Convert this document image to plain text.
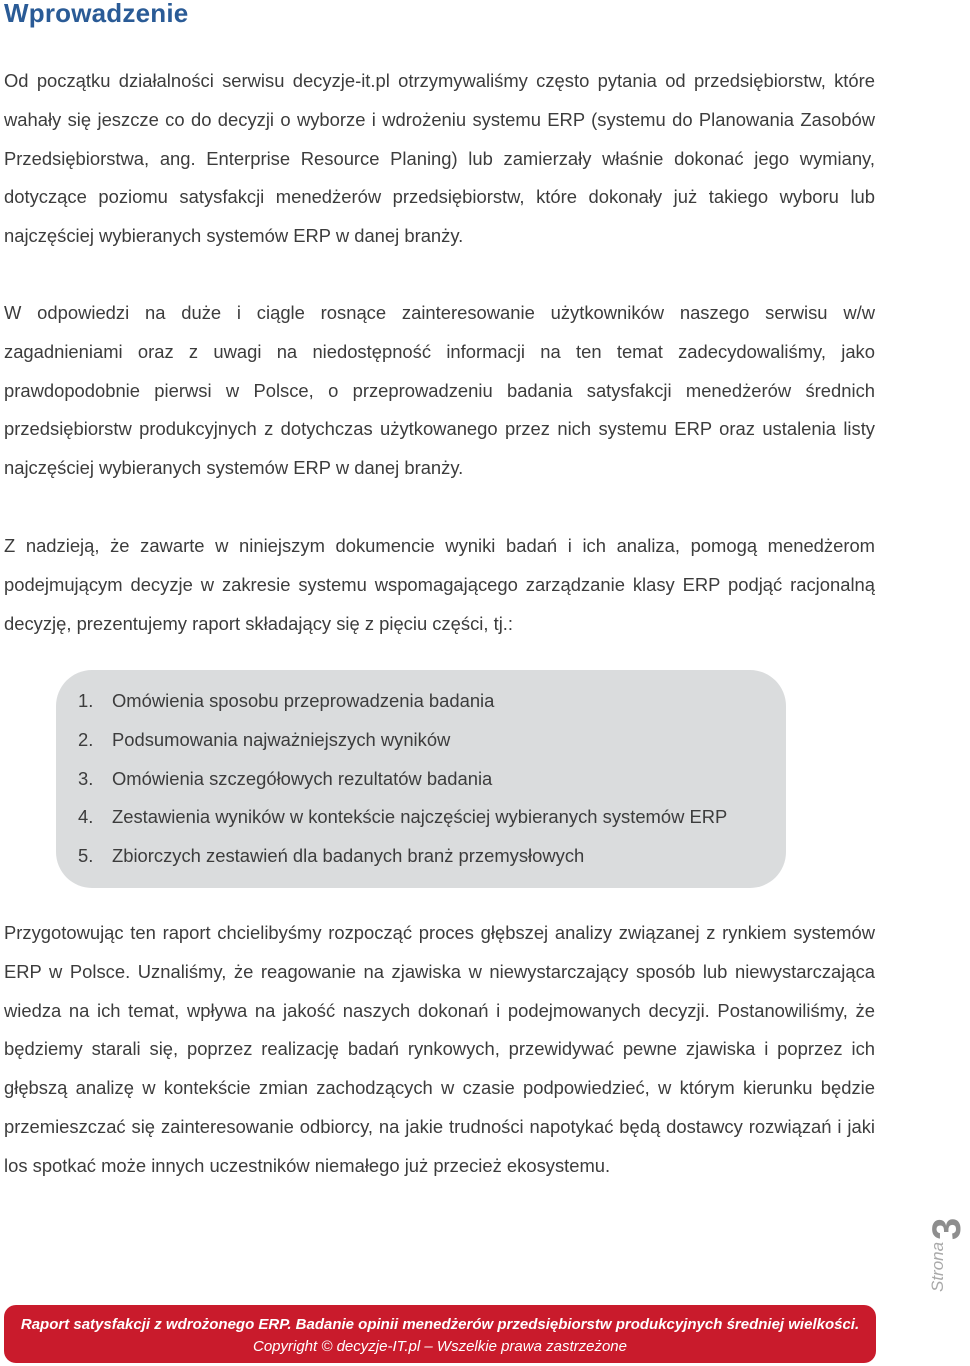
Wprowadzenie

Od początku działalności serwisu decyzje-it.pl otrzymywaliśmy często pytania od przedsiębiorstw, które wahały się jeszcze co do decyzji o wyborze i wdrożeniu systemu ERP (systemu do Planowania Zasobów Przedsiębiorstwa, ang. Enterprise Resource Planing) lub zamierzały właśnie dokonać jego wymiany, dotyczące poziomu satysfakcji menedżerów przedsiębiorstw, które dokonały już takiego wyboru lub najczęściej wybieranych systemów ERP w danej branży.

W odpowiedzi na duże i ciągle rosnące zainteresowanie użytkowników naszego serwisu w/w zagadnieniami oraz z uwagi na niedostępność informacji na ten temat zadecydowaliśmy, jako prawdopodobnie pierwsi w Polsce, o przeprowadzeniu badania satysfakcji menedżerów średnich przedsiębiorstw produkcyjnych z dotychczas użytkowanego przez nich systemu ERP oraz ustalenia listy najczęściej wybieranych systemów ERP w danej branży.

Z nadzieją, że zawarte w niniejszym dokumencie wyniki badań i ich analiza, pomogą menedżerom podejmującym decyzje w zakresie systemu wspomagającego zarządzanie klasy ERP podjąć racjonalną decyzję, prezentujemy raport składający się z pięciu części, tj.:

1. Omówienia sposobu przeprowadzenia badania
2. Podsumowania najważniejszych wyników
3. Omówienia szczegółowych rezultatów badania
4. Zestawienia wyników w kontekście najczęściej wybieranych systemów ERP
5. Zbiorczych zestawień dla badanych branż przemysłowych

Przygotowując ten raport chcielibyśmy rozpocząć proces głębszej analizy związanej z rynkiem systemów ERP w Polsce. Uznaliśmy, że reagowanie na zjawiska w niewystarczający sposób lub niewystarczająca wiedza na ich temat, wpływa na jakość naszych dokonań i podejmowanych decyzji. Postanowiliśmy, że będziemy starali się, poprzez realizację badań rynkowych, przewidywać pewne zjawiska i poprzez ich głębszą analizę w kontekście zmian zachodzących w czasie podpowiedzieć, w którym kierunku będzie przemieszczać się zainteresowanie odbiorcy, na jakie trudności napotykać będą dostawcy rozwiązań i jaki los spotkać może innych uczestników niemałego już przecież ekosystemu.

3
Strona
Raport satysfakcji z wdrożonego ERP. Badanie opinii menedżerów przedsiębiorstw produkcyjnych średniej wielkości.
Copyright © decyzje-IT.pl – Wszelkie prawa zastrzeżone
